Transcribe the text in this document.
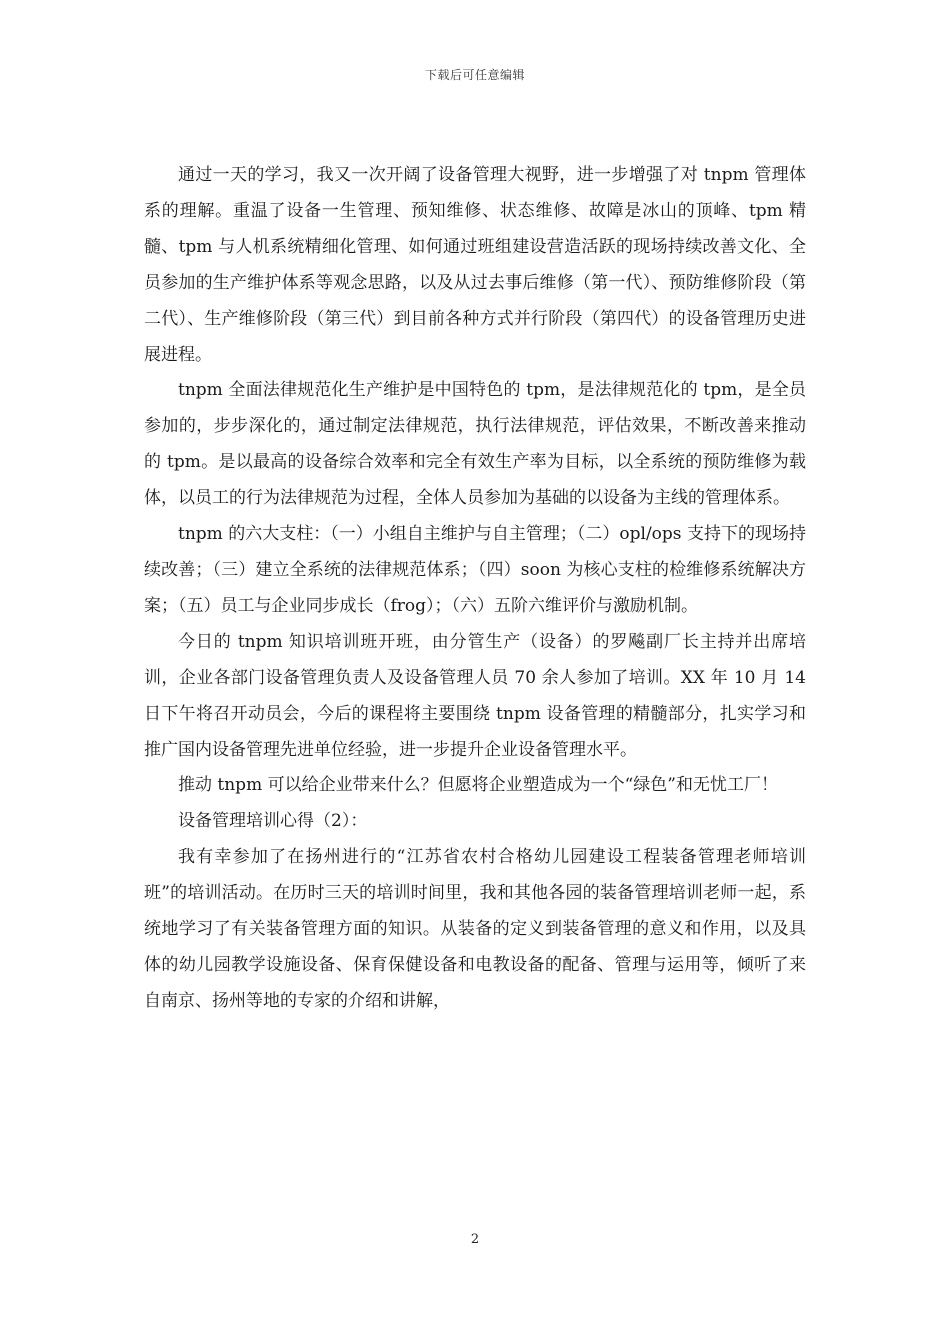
下载后可任意编辑

通过一天的学习，我又一次开阔了设备管理大视野，进一步增强了对 tnpm 管理体系的理解。重温了设备一生管理、预知维修、状态维修、故障是冰山的顶峰、tpm 精髓、tpm 与人机系统精细化管理、如何通过班组建设营造活跃的现场持续改善文化、全员参加的生产维护体系等观念思路，以及从过去事后维修（第一代）、预防维修阶段（第二代）、生产维修阶段（第三代）到目前各种方式并行阶段（第四代）的设备管理历史进展进程。

tnpm 全面法律规范化生产维护是中国特色的 tpm，是法律规范化的 tpm，是全员参加的，步步深化的，通过制定法律规范，执行法律规范，评估效果，不断改善来推动的 tpm。是以最高的设备综合效率和完全有效生产率为目标，以全系统的预防维修为载体，以员工的行为法律规范为过程，全体人员参加为基础的以设备为主线的管理体系。

tnpm 的六大支柱：（一）小组自主维护与自主管理；（二）opl/ops 支持下的现场持续改善；（三）建立全系统的法律规范体系；（四）soon 为核心支柱的检维修系统解决方案；（五）员工与企业同步成长（frog）；（六）五阶六维评价与激励机制。

今日的 tnpm 知识培训班开班，由分管生产（设备）的罗飚副厂长主持并出席培训，企业各部门设备管理负责人及设备管理人员 70 余人参加了培训。XX 年 10 月 14 日下午将召开动员会，今后的课程将主要围绕 tnpm 设备管理的精髓部分，扎实学习和推广国内设备管理先进单位经验，进一步提升企业设备管理水平。

推动 tnpm 可以给企业带来什么？但愿将企业塑造成为一个“绿色”和无忧工厂！

设备管理培训心得（2）：

我有幸参加了在扬州进行的“江苏省农村合格幼儿园建设工程装备管理老师培训班”的培训活动。在历时三天的培训时间里，我和其他各园的装备管理培训老师一起，系统地学习了有关装备管理方面的知识。从装备的定义到装备管理的意义和作用，以及具体的幼儿园教学设施设备、保育保健设备和电教设备的配备、管理与运用等，倾听了来自南京、扬州等地的专家的介绍和讲解，

2
